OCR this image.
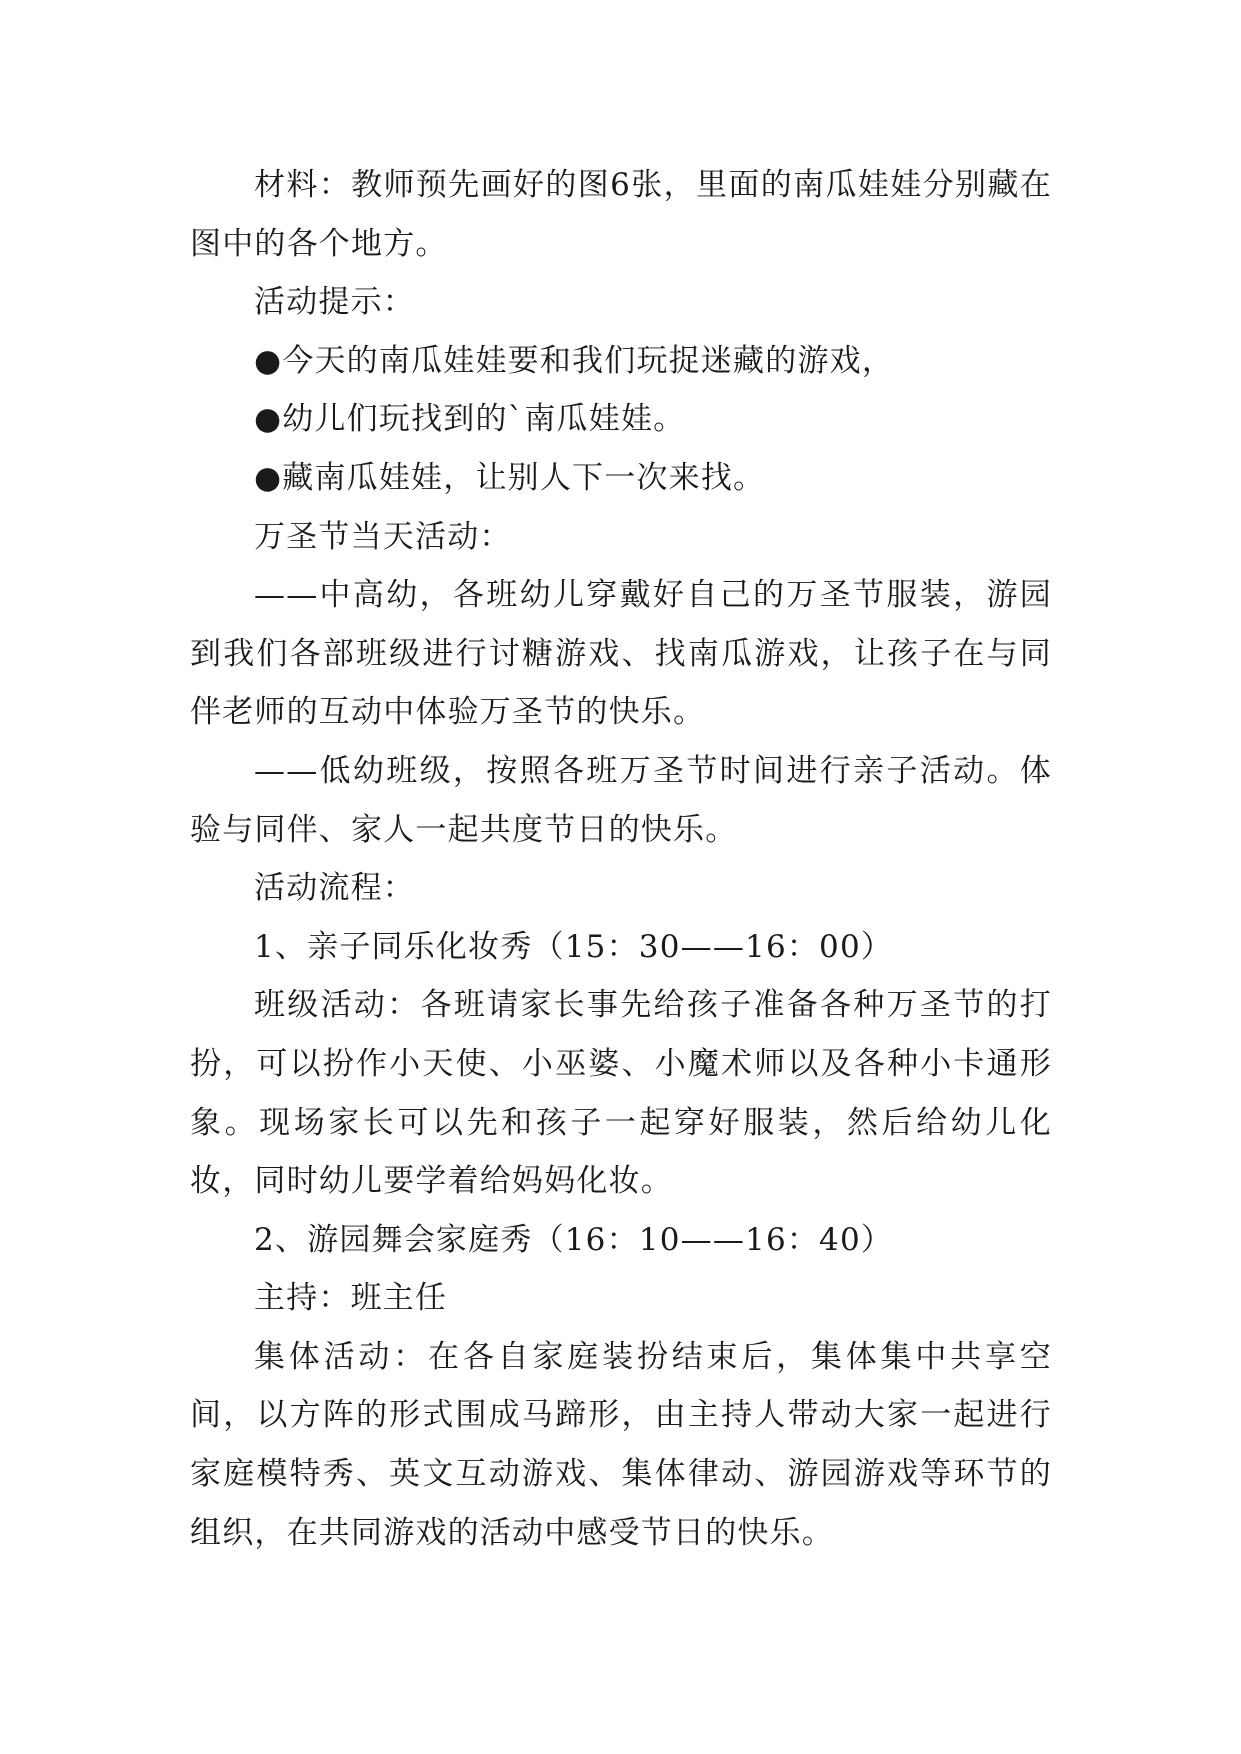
材料：教师预先画好的图6张，里面的南瓜娃娃分别藏在图中的各个地方。

活动提示：

●今天的南瓜娃娃要和我们玩捉迷藏的游戏，

●幼儿们玩找到的`南瓜娃娃。

●藏南瓜娃娃，让别人下一次来找。

万圣节当天活动：

——中高幼，各班幼儿穿戴好自己的万圣节服装，游园到我们各部班级进行讨糖游戏、找南瓜游戏，让孩子在与同伴老师的互动中体验万圣节的快乐。

——低幼班级，按照各班万圣节时间进行亲子活动。体验与同伴、家人一起共度节日的快乐。

活动流程：

1、亲子同乐化妆秀（15：30——16：00）

班级活动：各班请家长事先给孩子准备各种万圣节的打扮，可以扮作小天使、小巫婆、小魔术师以及各种小卡通形象。现场家长可以先和孩子一起穿好服装，然后给幼儿化妆，同时幼儿要学着给妈妈化妆。

2、游园舞会家庭秀（16：10——16：40）

主持：班主任

集体活动：在各自家庭装扮结束后，集体集中共享空间，以方阵的形式围成马蹄形，由主持人带动大家一起进行家庭模特秀、英文互动游戏、集体律动、游园游戏等环节的组织，在共同游戏的活动中感受节日的快乐。
